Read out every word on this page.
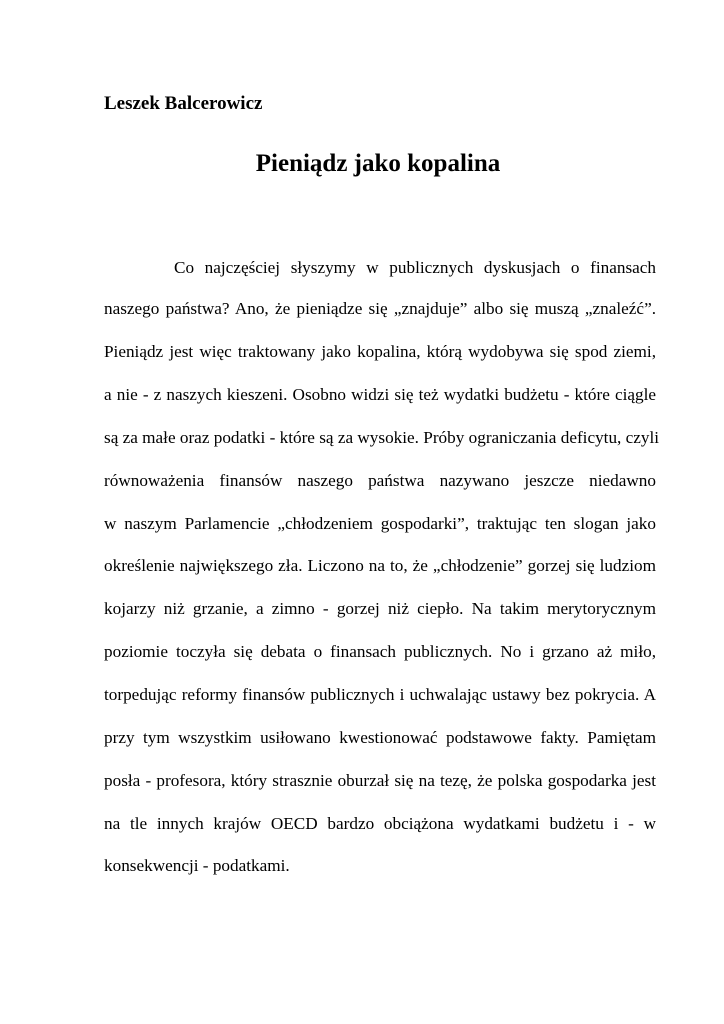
Leszek Balcerowicz
Pieniądz jako kopalina
Co najczęściej słyszymy w publicznych dyskusjach o finansach
naszego państwa? Ano, że pieniądze się „znajduje” albo się muszą „znaleźć”.
Pieniądz jest więc traktowany jako kopalina, którą wydobywa się spod ziemi,
a nie - z naszych kieszeni. Osobno widzi się też wydatki budżetu - które ciągle
są za małe oraz podatki - które są za wysokie. Próby ograniczania deficytu, czyli
równoważenia finansów naszego państwa nazywano jeszcze niedawno
w naszym Parlamencie „chłodzeniem gospodarki”, traktując ten slogan jako
określenie największego zła. Liczono na to, że „chłodzenie” gorzej się ludziom
kojarzy niż grzanie, a zimno - gorzej niż ciepło. Na takim merytorycznym
poziomie toczyła się debata o finansach publicznych. No i grzano aż miło,
torpedując reformy finansów publicznych i uchwalając ustawy bez pokrycia. A
przy tym wszystkim usiłowano kwestionować podstawowe fakty. Pamiętam
posła - profesora, który strasznie oburzał się na tezę, że polska gospodarka jest
na tle innych krajów OECD bardzo obciążona wydatkami budżetu i - w
konsekwencji - podatkami.
